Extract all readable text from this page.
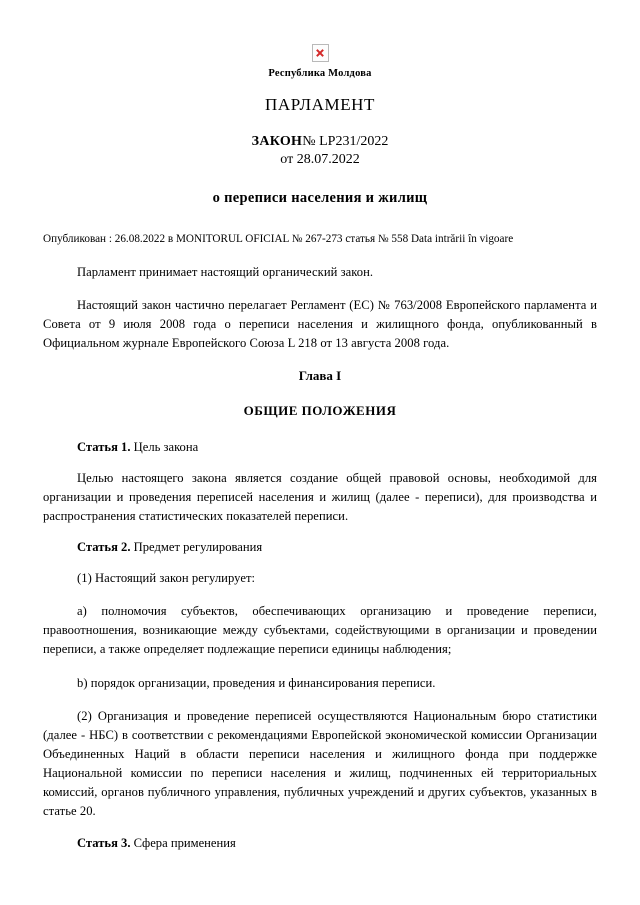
Республика Молдова
ПАРЛАМЕНТ
ЗАКОН№ LP231/2022
от 28.07.2022
о переписи населения и жилищ
Опубликован : 26.08.2022 в MONITORUL OFICIAL № 267-273 статья № 558 Data intrării în vigoare

Парламент принимает настоящий органический закон.

Настоящий закон частично перелагает Регламент (ЕС) № 763/2008 Европейского парламента и Совета от 9 июля 2008 года о переписи населения и жилищного фонда, опубликованный в Официальном журнале Европейского Союза L 218 от 13 августа 2008 года.

Глава I
ОБЩИЕ ПОЛОЖЕНИЯ
Статья 1. Цель закона

Целью настоящего закона является создание общей правовой основы, необходимой для организации и проведения переписей населения и жилищ (далее - переписи), для производства и распространения статистических показателей переписи.

Статья 2. Предмет регулирования

(1) Настоящий закон регулирует:

a) полномочия субъектов, обеспечивающих организацию и проведение переписи, правоотношения, возникающие между субъектами, содействующими в организации и проведении переписи, а также определяет подлежащие переписи единицы наблюдения;

b) порядок организации, проведения и финансирования переписи.

(2) Организация и проведение переписей осуществляются Национальным бюро статистики (далее - НБС) в соответствии с рекомендациями Европейской экономической комиссии Организации Объединенных Наций в области переписи населения и жилищного фонда при поддержке Национальной комиссии по переписи населения и жилищ, подчиненных ей территориальных комиссий, органов публичного управления, публичных учреждений и других субъектов, указанных в статье 20.

Статья 3. Сфера применения
